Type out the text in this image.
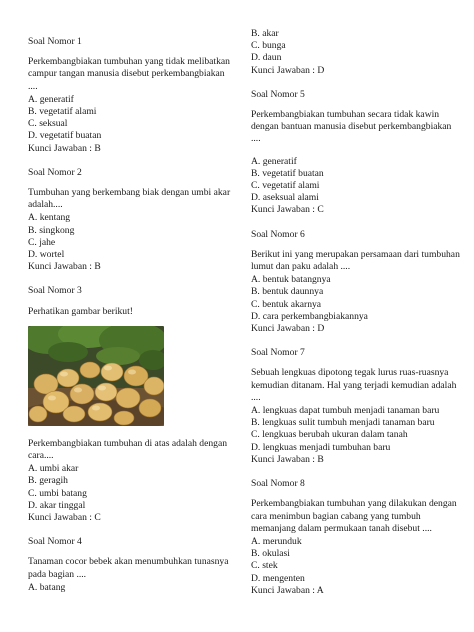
Soal Nomor 1
Perkembangbiakan tumbuhan yang tidak melibatkan campur tangan manusia disebut perkembangbiakan ....
A. generatif
B. vegetatif alami
C. seksual
D. vegetatif buatan
Kunci Jawaban : B
Soal Nomor 2
Tumbuhan yang berkembang biak dengan umbi akar adalah....
A. kentang
B. singkong
C. jahe
D. wortel
Kunci Jawaban : B
Soal Nomor 3
Perhatikan gambar berikut!
Perkembangbiakan tumbuhan di atas adalah dengan cara....
A. umbi akar
B. geragih
C. umbi batang
D. akar tinggal
Kunci Jawaban : C
Soal Nomor 4
Tanaman cocor bebek akan menumbuhkan tunasnya pada bagian ....
A. batang
B. akar
C. bunga
D. daun
Kunci Jawaban : D
Soal Nomor 5
Perkembangbiakan tumbuhan secara tidak kawin dengan bantuan manusia disebut perkembangbiakan ....
A. generatif
B. vegetatif buatan
C. vegetatif alami
D. aseksual alami
Kunci Jawaban : C
Soal Nomor 6
Berikut ini yang merupakan persamaan dari tumbuhan lumut dan paku adalah ....
A. bentuk batangnya
B. bentuk daunnya
C. bentuk akarnya
D. cara perkembangbiakannya
Kunci Jawaban : D
Soal Nomor 7
Sebuah lengkuas dipotong tegak lurus ruas-ruasnya kemudian ditanam. Hal yang terjadi kemudian adalah ....
A. lengkuas dapat tumbuh menjadi tanaman baru
B. lengkuas sulit tumbuh menjadi tanaman baru
C. lengkuas berubah ukuran dalam tanah
D. lengkuas menjadi tumbuhan baru
Kunci Jawaban : B
Soal Nomor 8
Perkembangbiakan tumbuhan yang dilakukan dengan cara menimbun bagian cabang yang tumbuh memanjang dalam permukaan tanah disebut ....
A. merunduk
B. okulasi
C. stek
D. mengenten
Kunci Jawaban : A
